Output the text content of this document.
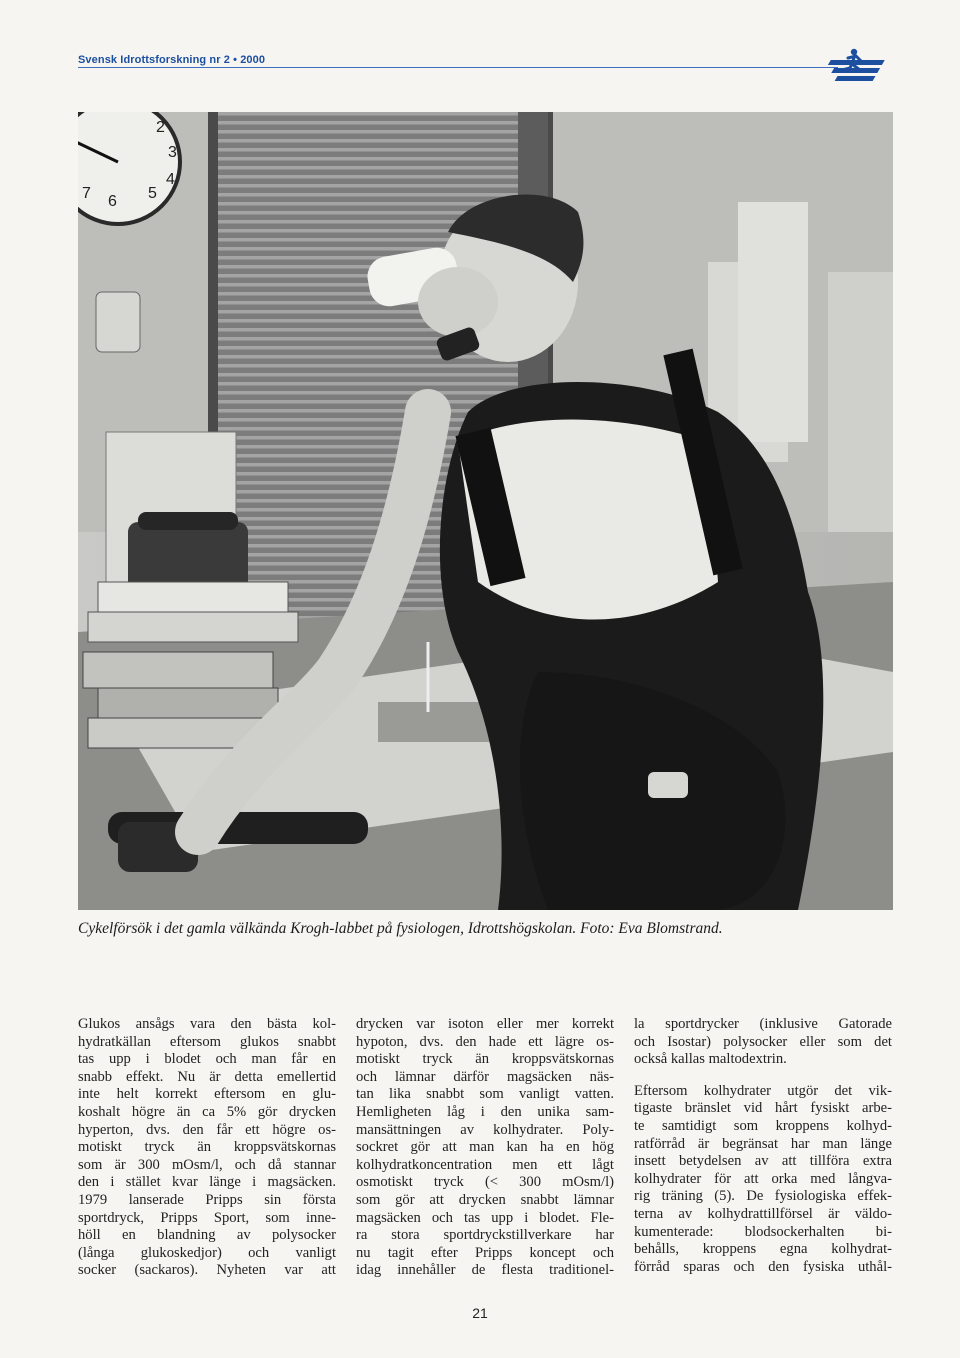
Svensk Idrottsforskning nr 2 • 2000
2
3
4
5
6
7
Cykelförsök i det gamla välkända Krogh-labbet på fysiologen, Idrottshögskolan. Foto: Eva Blomstrand.
Glukos ansågs vara den bästa kol-
hydratkällan eftersom glukos snabbt
tas upp i blodet och man får en
snabb effekt. Nu är detta emellertid
inte helt korrekt eftersom en glu-
koshalt högre än ca 5% gör drycken
hyperton, dvs. den får ett högre os-
motiskt tryck än kroppsvätskornas
som är 300 mOsm/l, och då stannar
den i stället kvar länge i magsäcken.
1979 lanserade Pripps sin första
sportdryck, Pripps Sport, som inne-
höll en blandning av polysocker
(långa glukoskedjor) och vanligt
socker (sackaros). Nyheten var att
drycken var isoton eller mer korrekt
hypoton, dvs. den hade ett lägre os-
motiskt tryck än kroppsvätskornas
och lämnar därför magsäcken näs-
tan lika snabbt som vanligt vatten.
Hemligheten låg i den unika sam-
mansättningen av kolhydrater. Poly-
sockret gör att man kan ha en hög
kolhydratkoncentration men ett lågt
osmotiskt tryck (< 300 mOsm/l)
som gör att drycken snabbt lämnar
magsäcken och tas upp i blodet. Fle-
ra stora sportdryckstillverkare har
nu tagit efter Pripps koncept och
idag innehåller de flesta traditionel-
la sportdrycker (inklusive Gatorade
och Isostar) polysocker eller som det
också kallas maltodextrin.
Eftersom kolhydrater utgör det vik-
tigaste bränslet vid hårt fysiskt arbe-
te samtidigt som kroppens kolhyd-
ratförråd är begränsat har man länge
insett betydelsen av att tillföra extra
kolhydrater för att orka med långva-
rig träning (5). De fysiologiska effek-
terna av kolhydrattillförsel är väldo-
kumenterade: blodsockerhalten bi-
behålls, kroppens egna kolhydrat-
förråd sparas och den fysiska uthål-
21
